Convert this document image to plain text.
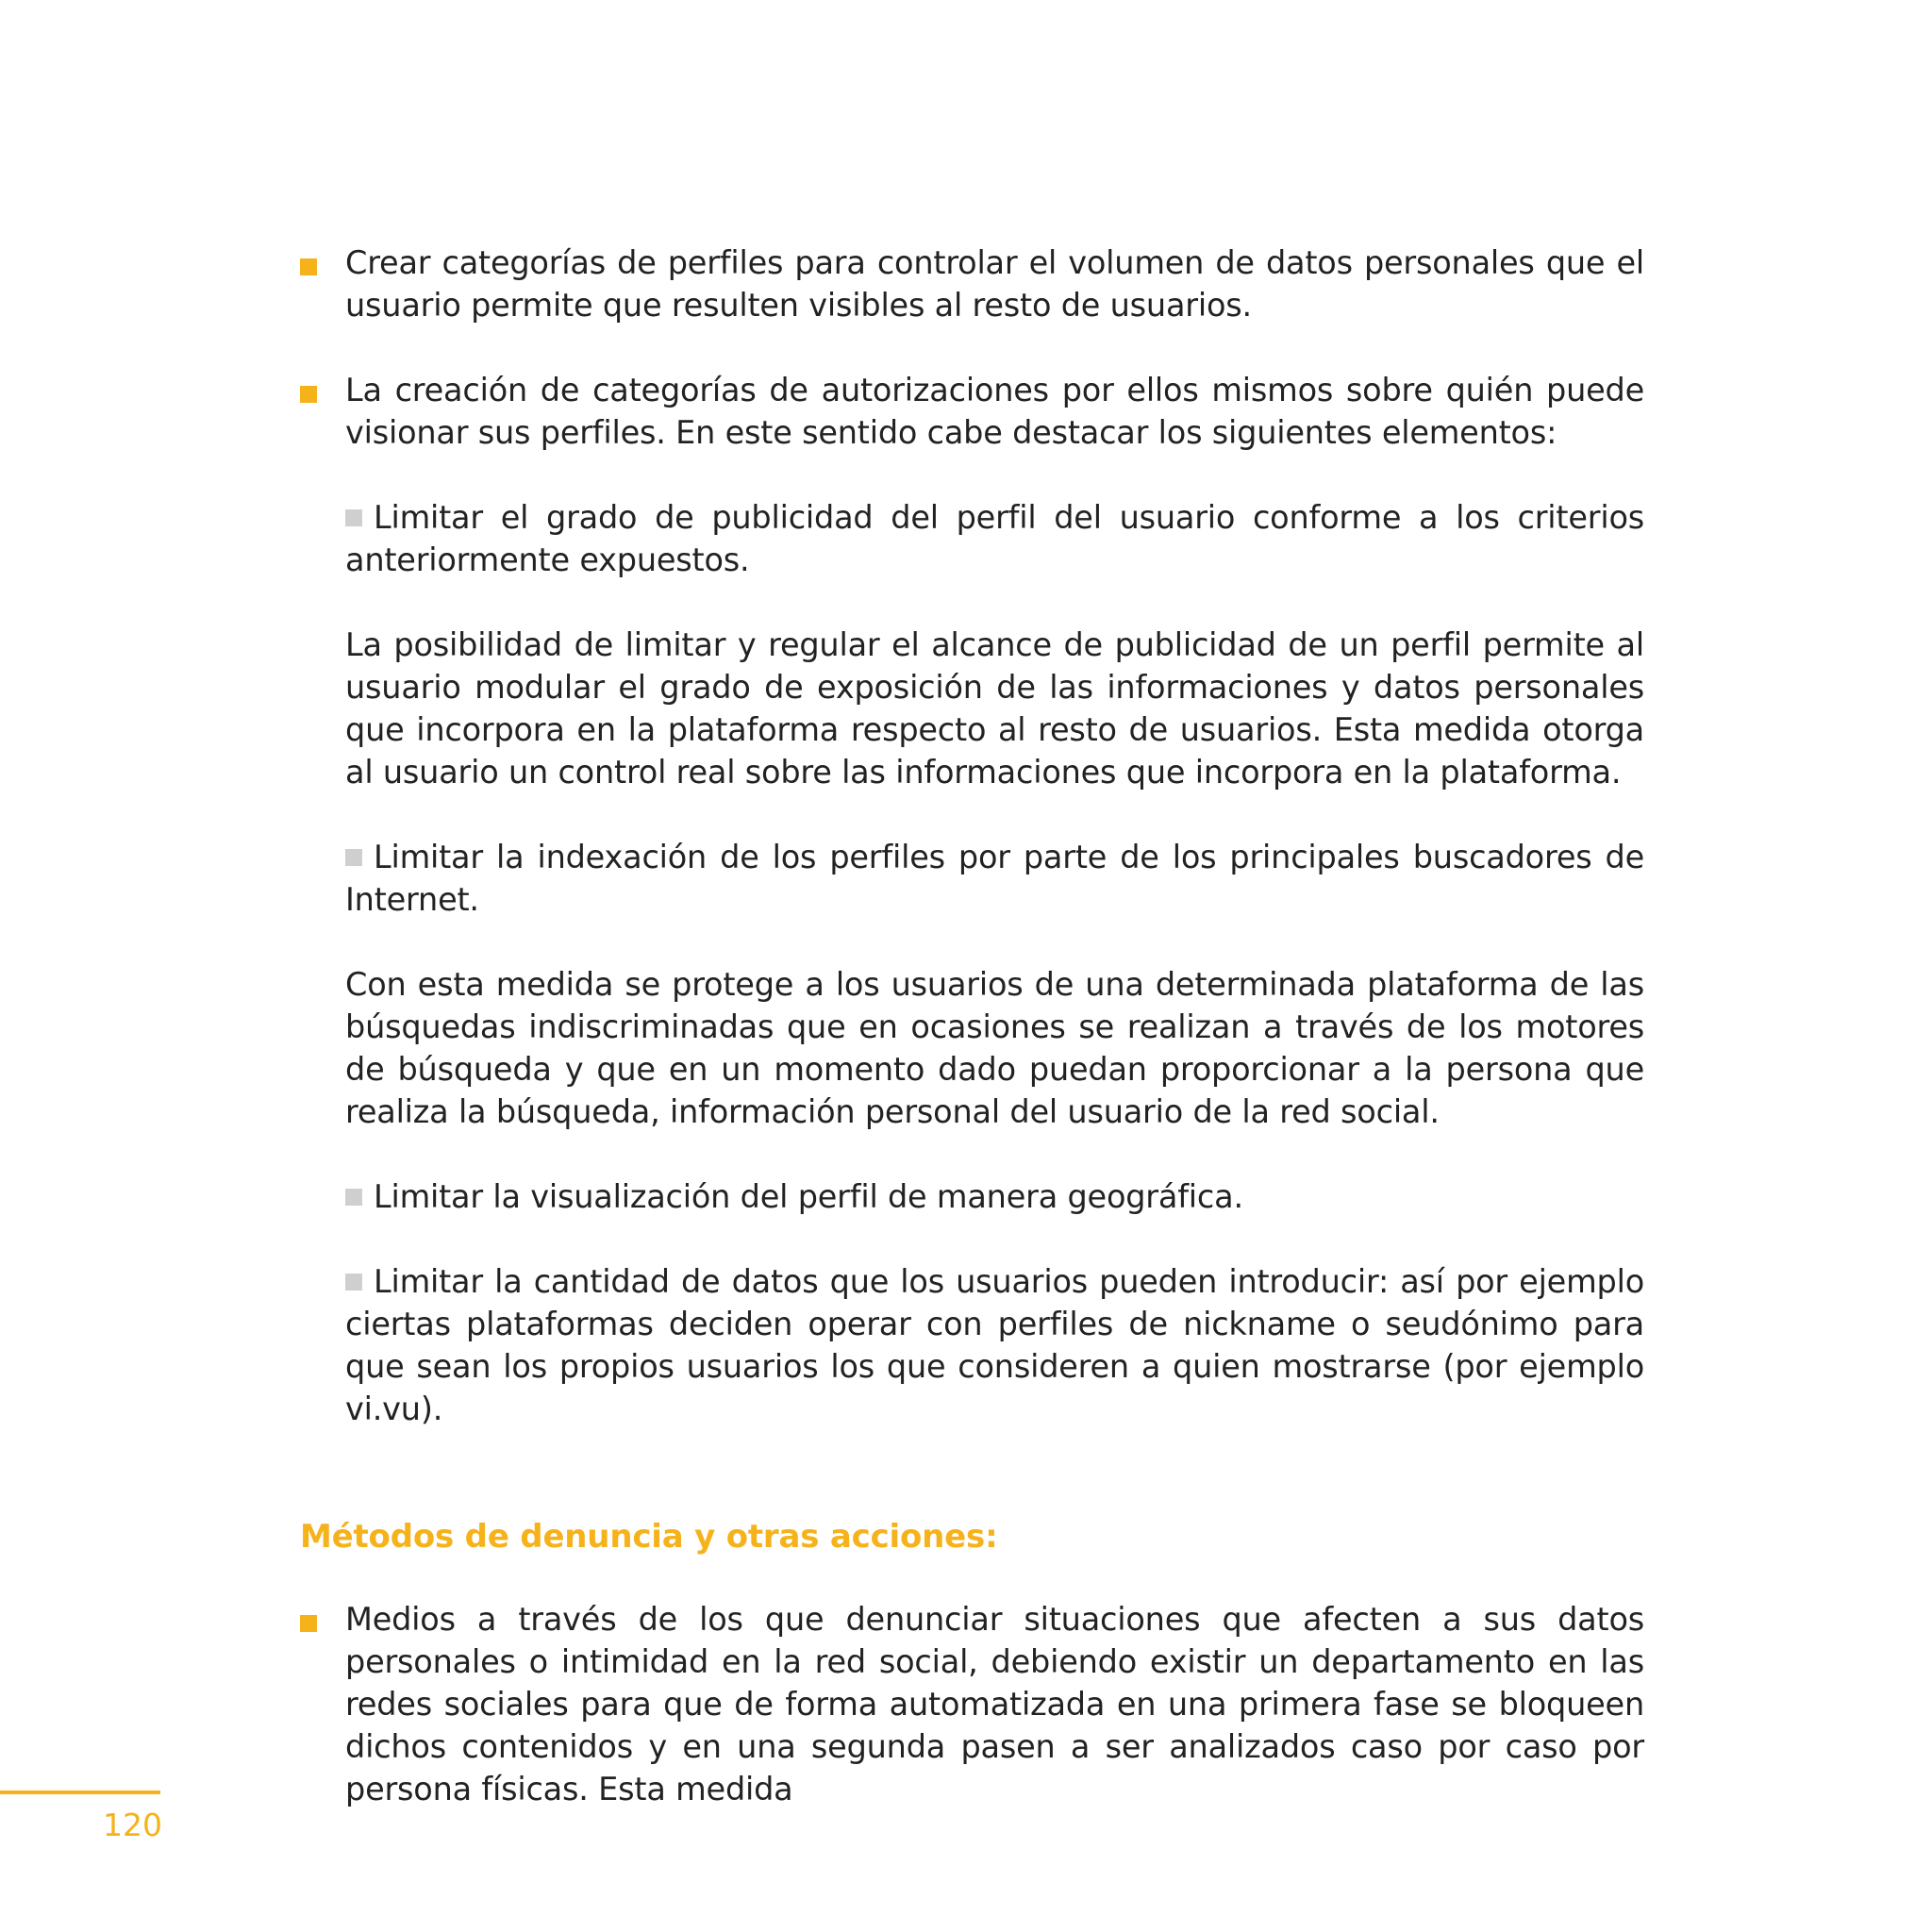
Crear categorías de perfiles para controlar el volumen de datos personales que el usuario permite que resulten visibles al resto de usuarios.

La creación de categorías de autorizaciones por ellos mismos sobre quién puede visionar sus perfiles. En este sentido cabe destacar los siguientes elementos:

Limitar el grado de publicidad del perfil del usuario conforme a los criterios anteriormente expuestos.

La posibilidad de limitar y regular el alcance de publicidad de un perfil permite al usuario modular el grado de exposición de las informaciones y datos personales que incorpora en la plataforma respecto al resto de usuarios. Esta medida otorga al usuario un control real sobre las informaciones que incorpora en la plataforma.

Limitar la indexación de los perfiles por parte de los principales buscadores de Internet.

Con esta medida se protege a los usuarios de una determinada plataforma de las búsquedas indiscriminadas que en ocasiones se realizan a través de los motores de búsqueda y que en un momento dado puedan proporcionar a la persona que realiza la búsqueda, información personal del usuario de la red social.

Limitar la visualización del perfil de manera geográfica.

Limitar la cantidad de datos que los usuarios pueden introducir: así por ejemplo ciertas plataformas deciden operar con perfiles de nickname o seudónimo para que sean los propios usuarios los que consideren a quien mostrarse (por ejemplo vi.vu).

Métodos de denuncia y otras acciones:

Medios a través de los que denunciar situaciones que afecten a sus datos personales o intimidad en la red social, debiendo existir un departamento en las redes sociales para que de forma automatizada en una primera fase se bloqueen dichos contenidos y en una segunda pasen a ser analizados caso por caso por persona físicas. Esta medida

120
